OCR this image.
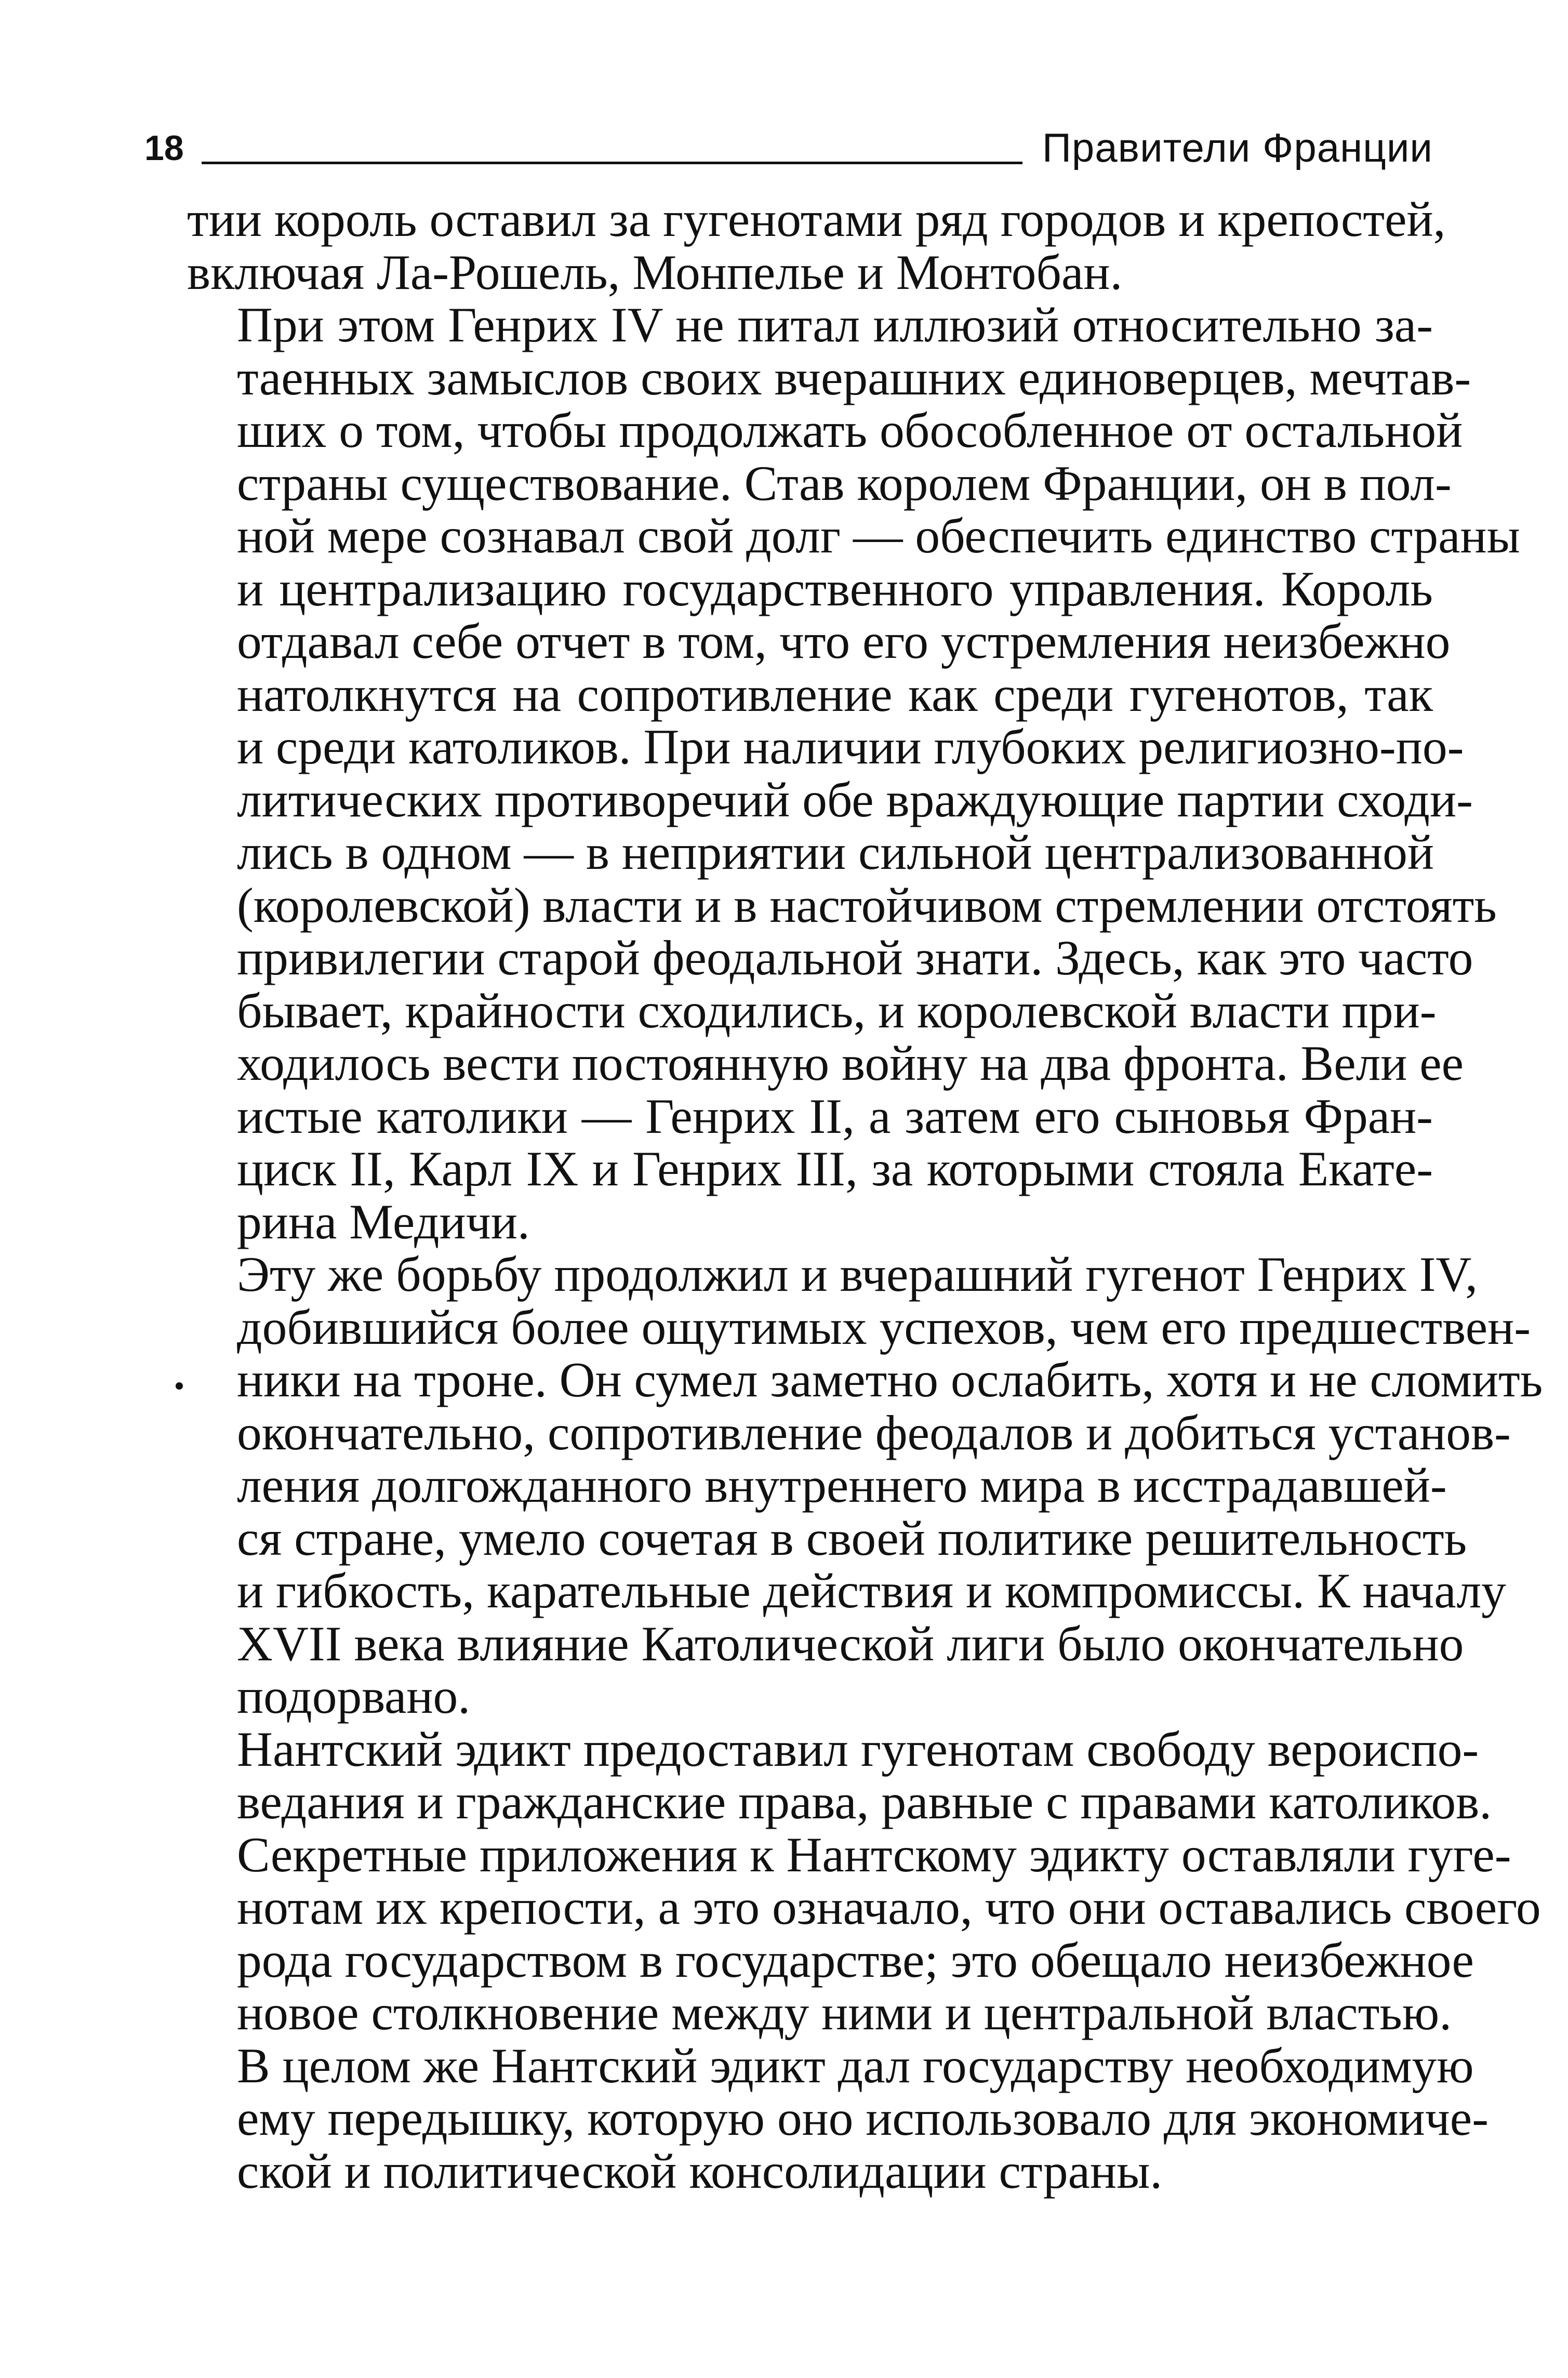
18	Правители Франции

тии король оставил за гугенотами ряд городов и крепостей,
включая Ла-Рошель, Монпелье и Монтобан.

При этом Генрих IV не питал иллюзий относительно за-
таенных замыслов своих вчерашних единоверцев, мечтав-
ших о том, чтобы продолжать обособленное от остальной
страны существование. Став королем Франции, он в пол-
ной мере сознавал свой долг — обеспечить единство страны
и централизацию государственного управления. Король
отдавал себе отчет в том, что его устремления неизбежно
натолкнутся на сопротивление как среди гугенотов, так
и среди католиков. При наличии глубоких религиозно-по-
литических противоречий обе враждующие партии сходи-
лись в одном — в неприятии сильной централизованной
(королевской) власти и в настойчивом стремлении отстоять
привилегии старой феодальной знати. Здесь, как это часто
бывает, крайности сходились, и королевской власти при-
ходилось вести постоянную войну на два фронта. Вели ее
истые католики — Генрих II, а затем его сыновья Фран-
циск II, Карл IX и Генрих III, за которыми стояла Екате-
рина Медичи.

Эту же борьбу продолжил и вчерашний гугенот Генрих IV,
добившийся более ощутимых успехов, чем его предшествен-
ники на троне. Он сумел заметно ослабить, хотя и не сломить
окончательно, сопротивление феодалов и добиться установ-
ления долгожданного внутреннего мира в исстрадавшей-
ся стране, умело сочетая в своей политике решительность
и гибкость, карательные действия и компромиссы. К началу
XVII века влияние Католической лиги было окончательно
подорвано.

Нантский эдикт предоставил гугенотам свободу вероиспо-
ведания и гражданские права, равные с правами католиков.
Секретные приложения к Нантскому эдикту оставляли гуге-
нотам их крепости, а это означало, что они оставались своего
рода государством в государстве; это обещало неизбежное
новое столкновение между ними и центральной властью.
В целом же Нантский эдикт дал государству необходимую
ему передышку, которую оно использовало для экономиче-
ской и политической консолидации страны.
